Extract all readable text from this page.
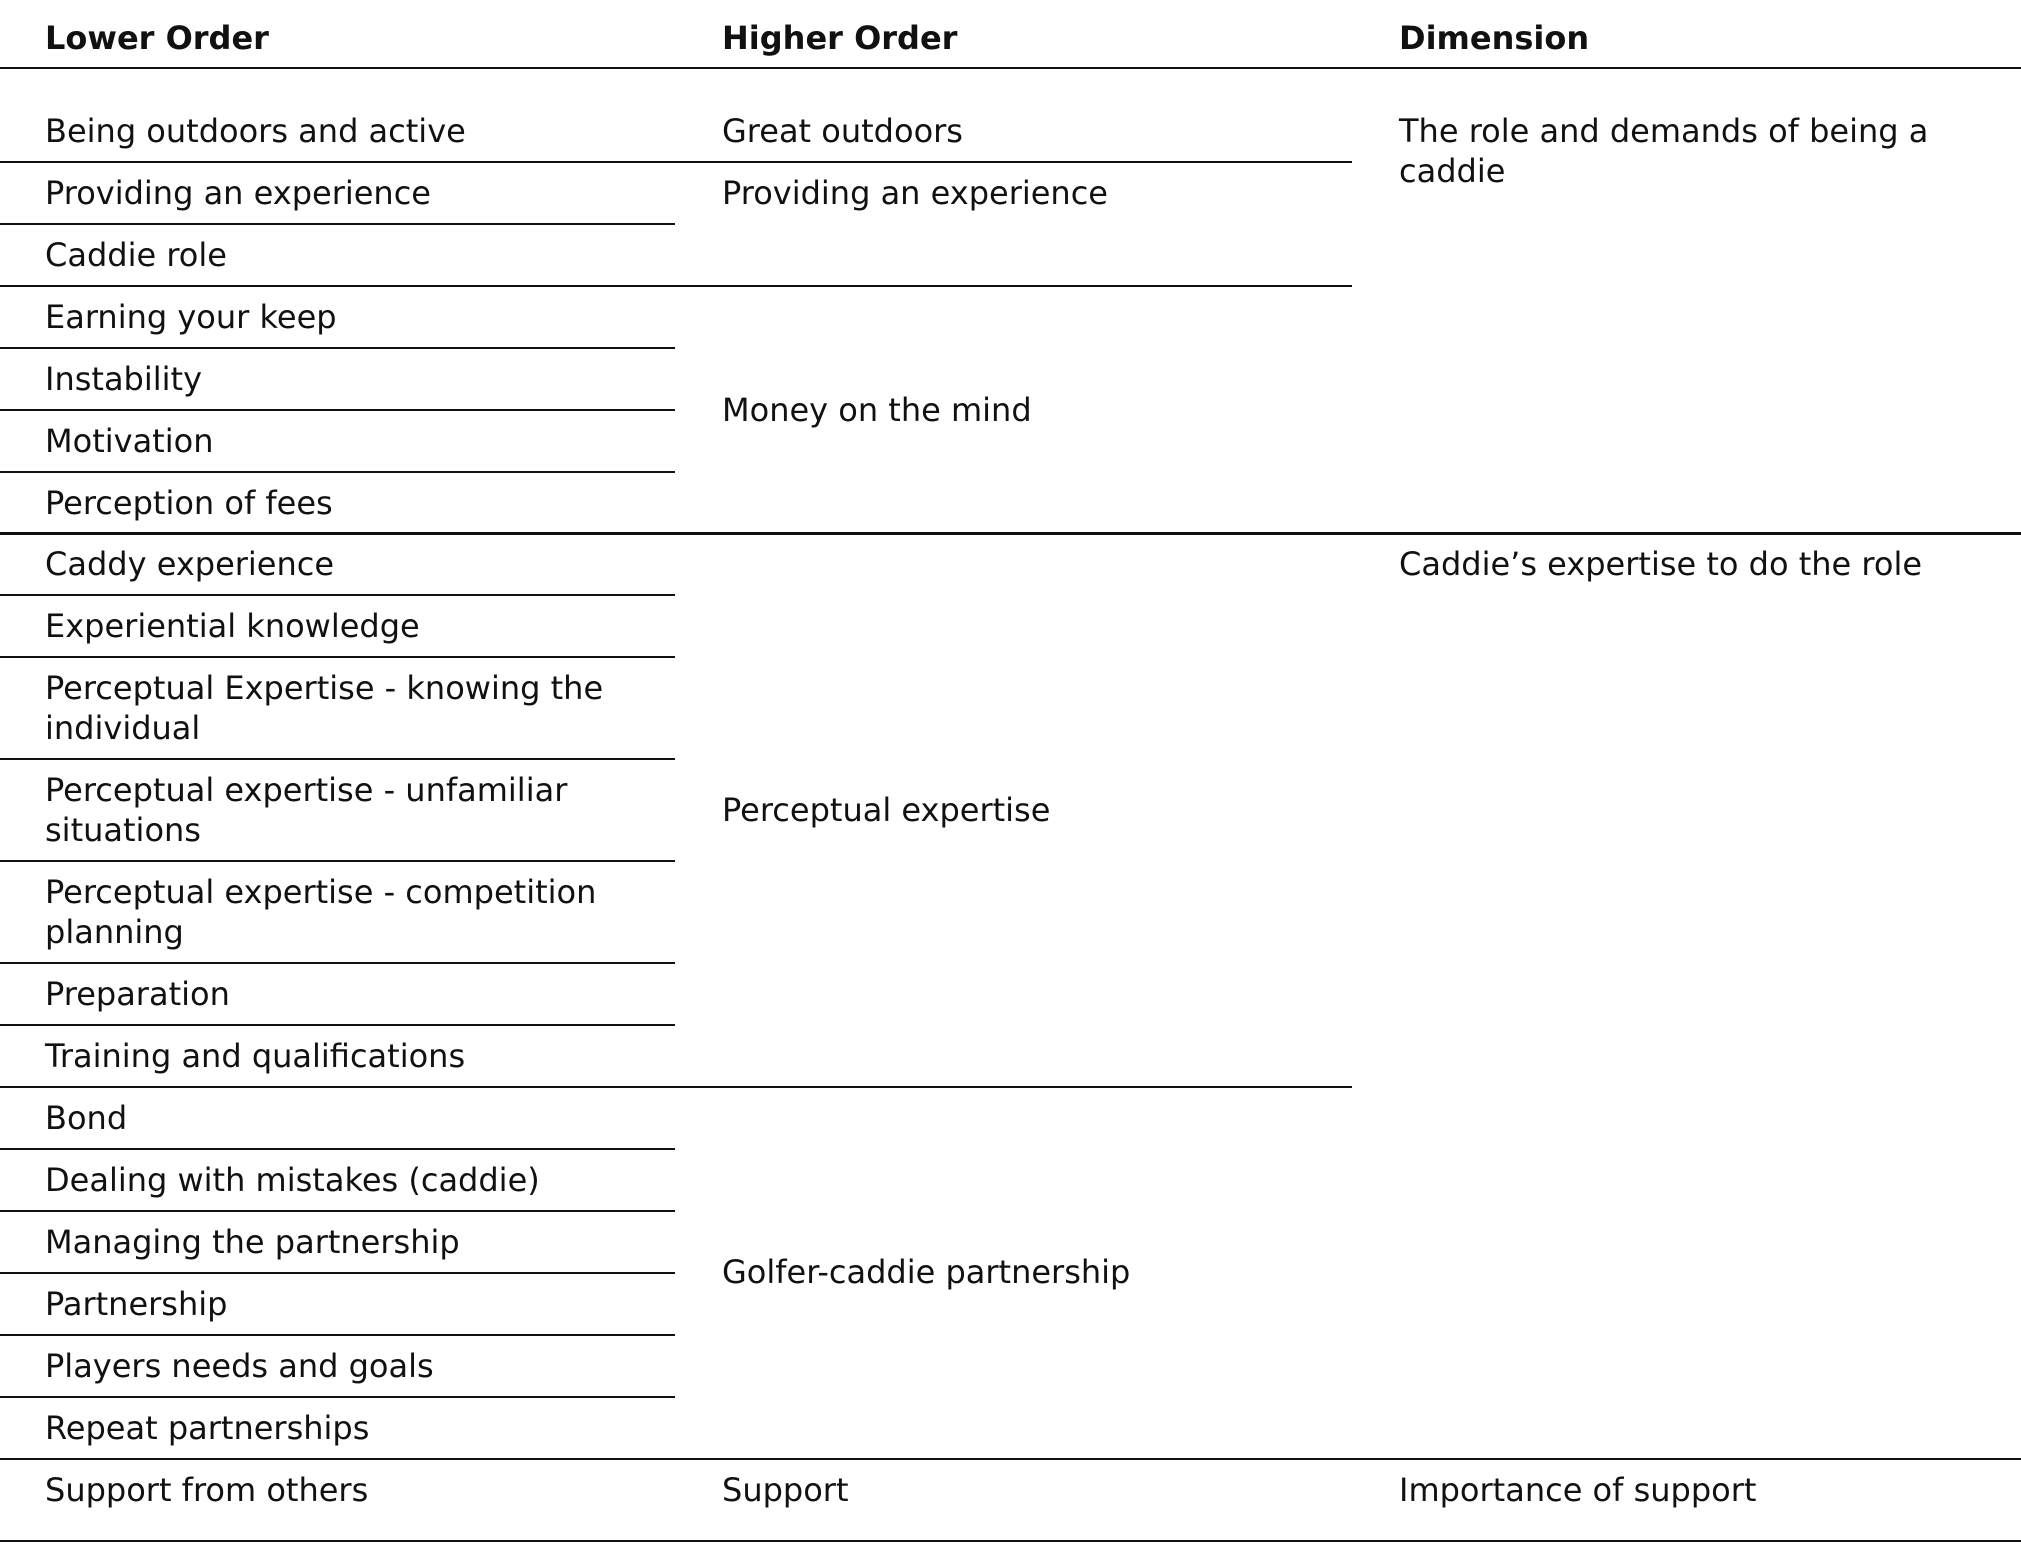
Lower Order	Higher Order	Dimension
Being outdoors and active
Providing an experience
Caddie role
Earning your keep
Instability
Motivation
Perception of fees
Caddy experience
Experiential knowledge
Perceptual Expertise - knowing the individual
Perceptual expertise - unfamiliar situations
Perceptual expertise - competition planning
Preparation
Training and qualifications
Bond
Dealing with mistakes (caddie)
Managing the partnership
Partnership
Players needs and goals
Repeat partnerships
Support from others
Great outdoors
Providing an experience
Money on the mind
Perceptual expertise
Golfer-caddie partnership
Support
The role and demands of being a caddie
Caddie’s expertise to do the role
Importance of support
